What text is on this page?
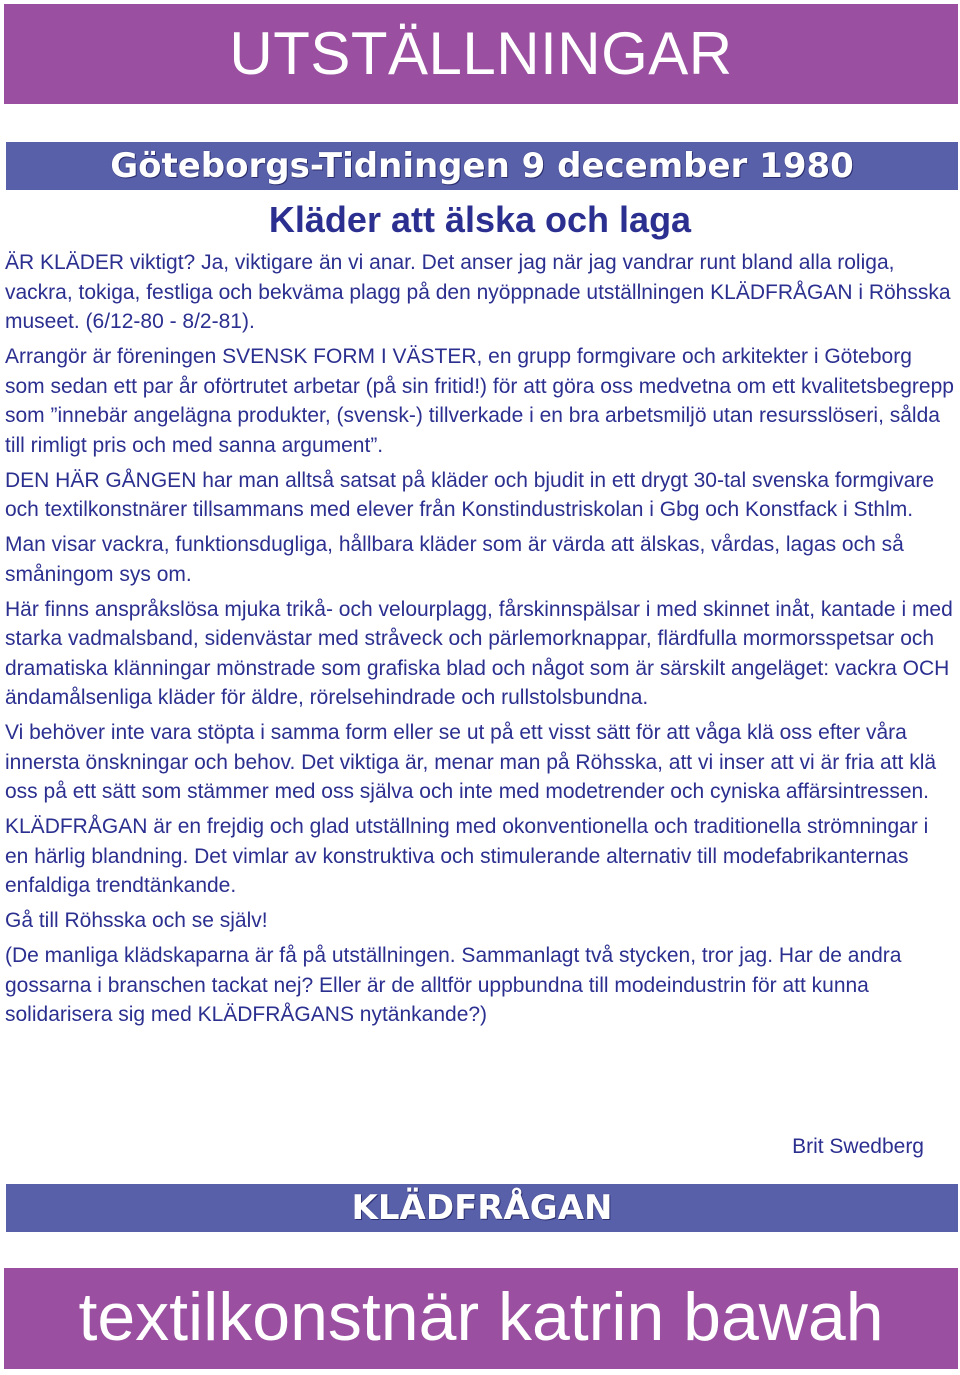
UTSTÄLLNINGAR
Göteborgs-Tidningen 9 december 1980
Kläder att älska och laga

ÄR KLÄDER viktigt? Ja, viktigare än vi anar. Det anser jag när jag vandrar runt bland alla roliga, vackra, tokiga, festliga och bekväma plagg på den nyöppnade utställningen KLÄDFRÅGAN i Röhsska museet. (6/12-80 - 8/2-81).

Arrangör är föreningen SVENSK FORM I VÄSTER, en grupp formgivare och arkitekter i Göteborg som sedan ett par år oförtrutet arbetar (på sin fritid!) för att göra oss medvetna om ett kvalitetsbegrepp som ”innebär angelägna produkter, (svensk-) tillverkade i en bra arbetsmiljö utan resursslöseri, sålda till rimligt pris och med sanna argument”.

DEN HÄR GÅNGEN har man alltså satsat på kläder och bjudit in ett drygt 30-tal svenska formgivare och textilkonstnärer tillsammans med elever från Konstindustriskolan i Gbg och Konstfack i Sthlm.

Man visar vackra, funktionsdugliga, hållbara kläder som är värda att älskas, vårdas, lagas och så småningom sys om.

Här finns anspråkslösa mjuka trikå- och velourplagg, fårskinnspälsar i med skinnet inåt, kantade i med starka vadmalsband, sidenvästar med stråveck och pärlemorknappar, flärdfulla mormorsspetsar och dramatiska klänningar mönstrade som grafiska blad och något som är särskilt angeläget: vackra OCH ändamålsenliga kläder för äldre, rörelsehindrade och rullstolsbundna.

Vi behöver inte vara stöpta i samma form eller se ut på ett visst sätt för att våga klä oss efter våra innersta önskningar och behov. Det viktiga är, menar man på Röhsska, att vi inser att vi är fria att klä oss på ett sätt som stämmer med oss själva och inte med modetrender och cyniska affärsintressen.

KLÄDFRÅGAN är en frejdig och glad utställning med okonventionella och traditionella strömningar i en härlig blandning. Det vimlar av konstruktiva och stimulerande alternativ till modefabrikanternas enfaldiga trendtänkande.

Gå till Röhsska och se själv!

(De manliga klädskaparna är få på utställningen. Sammanlagt två stycken, tror jag. Har de andra gossarna i branschen tackat nej? Eller är de alltför uppbundna till modeindustrin för att kunna solidarisera sig med KLÄDFRÅGANS nytänkande?)

Brit Swedberg
KLÄDFRÅGAN
textilkonstnär katrin bawah
